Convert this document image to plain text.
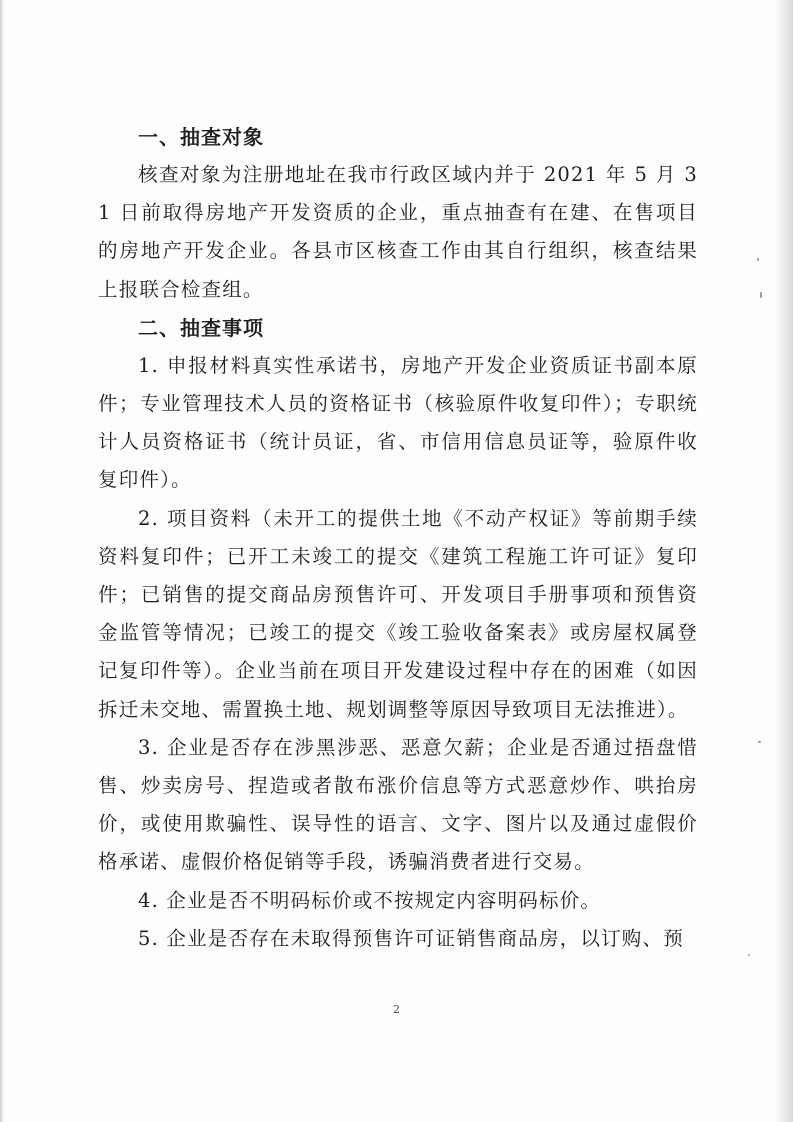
一、抽查对象

核查对象为注册地址在我市行政区域内并于 2021 年 5 月 31 日前取得房地产开发资质的企业，重点抽查有在建、在售项目的房地产开发企业。各县市区核查工作由其自行组织，核查结果上报联合检查组。

二、抽查事项

1. 申报材料真实性承诺书，房地产开发企业资质证书副本原件；专业管理技术人员的资格证书（核验原件收复印件）；专职统计人员资格证书（统计员证，省、市信用信息员证等，验原件收复印件）。

2. 项目资料（未开工的提供土地《不动产权证》等前期手续资料复印件；已开工未竣工的提交《建筑工程施工许可证》复印件；已销售的提交商品房预售许可、开发项目手册事项和预售资金监管等情况；已竣工的提交《竣工验收备案表》或房屋权属登记复印件等）。企业当前在项目开发建设过程中存在的困难（如因拆迁未交地、需置换土地、规划调整等原因导致项目无法推进）。

3. 企业是否存在涉黑涉恶、恶意欠薪；企业是否通过捂盘惜售、炒卖房号、捏造或者散布涨价信息等方式恶意炒作、哄抬房价，或使用欺骗性、误导性的语言、文字、图片以及通过虚假价格承诺、虚假价格促销等手段，诱骗消费者进行交易。

4. 企业是否不明码标价或不按规定内容明码标价。

5. 企业是否存在未取得预售许可证销售商品房，以订购、预

2
